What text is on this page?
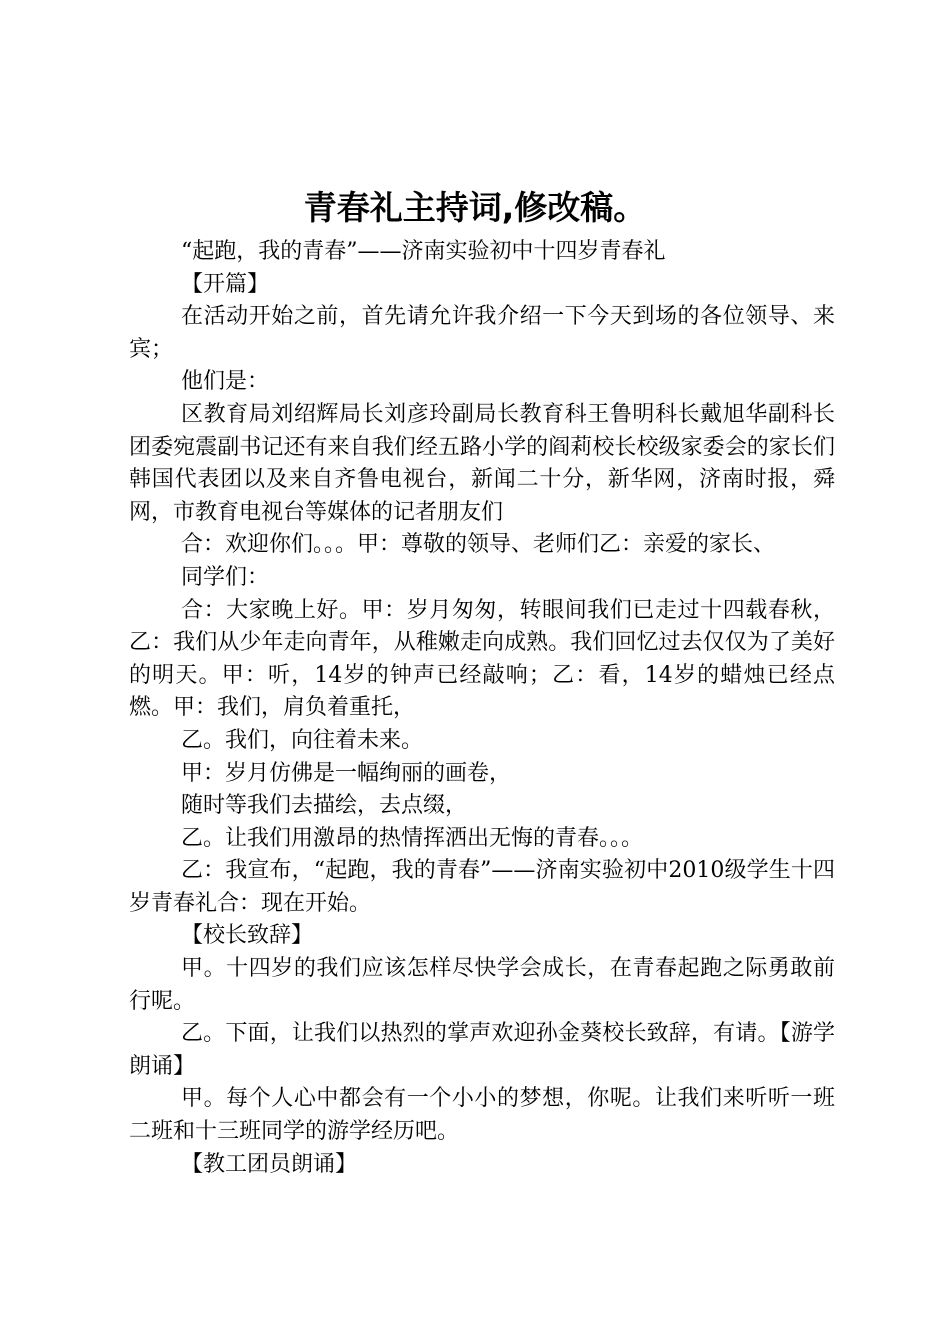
青春礼主持词,修改稿。

“起跑，我的青春”——济南实验初中十四岁青春礼

【开篇】

在活动开始之前，首先请允许我介绍一下今天到场的各位领导、来宾；

他们是：

区教育局刘绍辉局长刘彦玲副局长教育科王鲁明科长戴旭华副科长团委宛震副书记还有来自我们经五路小学的阎莉校长校级家委会的家长们韩国代表团以及来自齐鲁电视台，新闻二十分，新华网，济南时报，舜网，市教育电视台等媒体的记者朋友们

合：欢迎你们。。。甲：尊敬的领导、老师们乙：亲爱的家长、

同学们：

合：大家晚上好。甲：岁月匆匆，转眼间我们已走过十四载春秋，乙：我们从少年走向青年，从稚嫩走向成熟。我们回忆过去仅仅为了美好的明天。甲：听，14岁的钟声已经敲响；乙：看，14岁的蜡烛已经点燃。甲：我们，肩负着重托，

乙。我们，向往着未来。

甲：岁月仿佛是一幅绚丽的画卷，

随时等我们去描绘，去点缀，

乙。让我们用激昂的热情挥洒出无悔的青春。。。

乙：我宣布，“起跑，我的青春”——济南实验初中2010级学生十四岁青春礼合：现在开始。

【校长致辞】

甲。十四岁的我们应该怎样尽快学会成长，在青春起跑之际勇敢前行呢。

乙。下面，让我们以热烈的掌声欢迎孙金葵校长致辞，有请。【游学朗诵】

甲。每个人心中都会有一个小小的梦想，你呢。让我们来听听一班二班和十三班同学的游学经历吧。

【教工团员朗诵】
